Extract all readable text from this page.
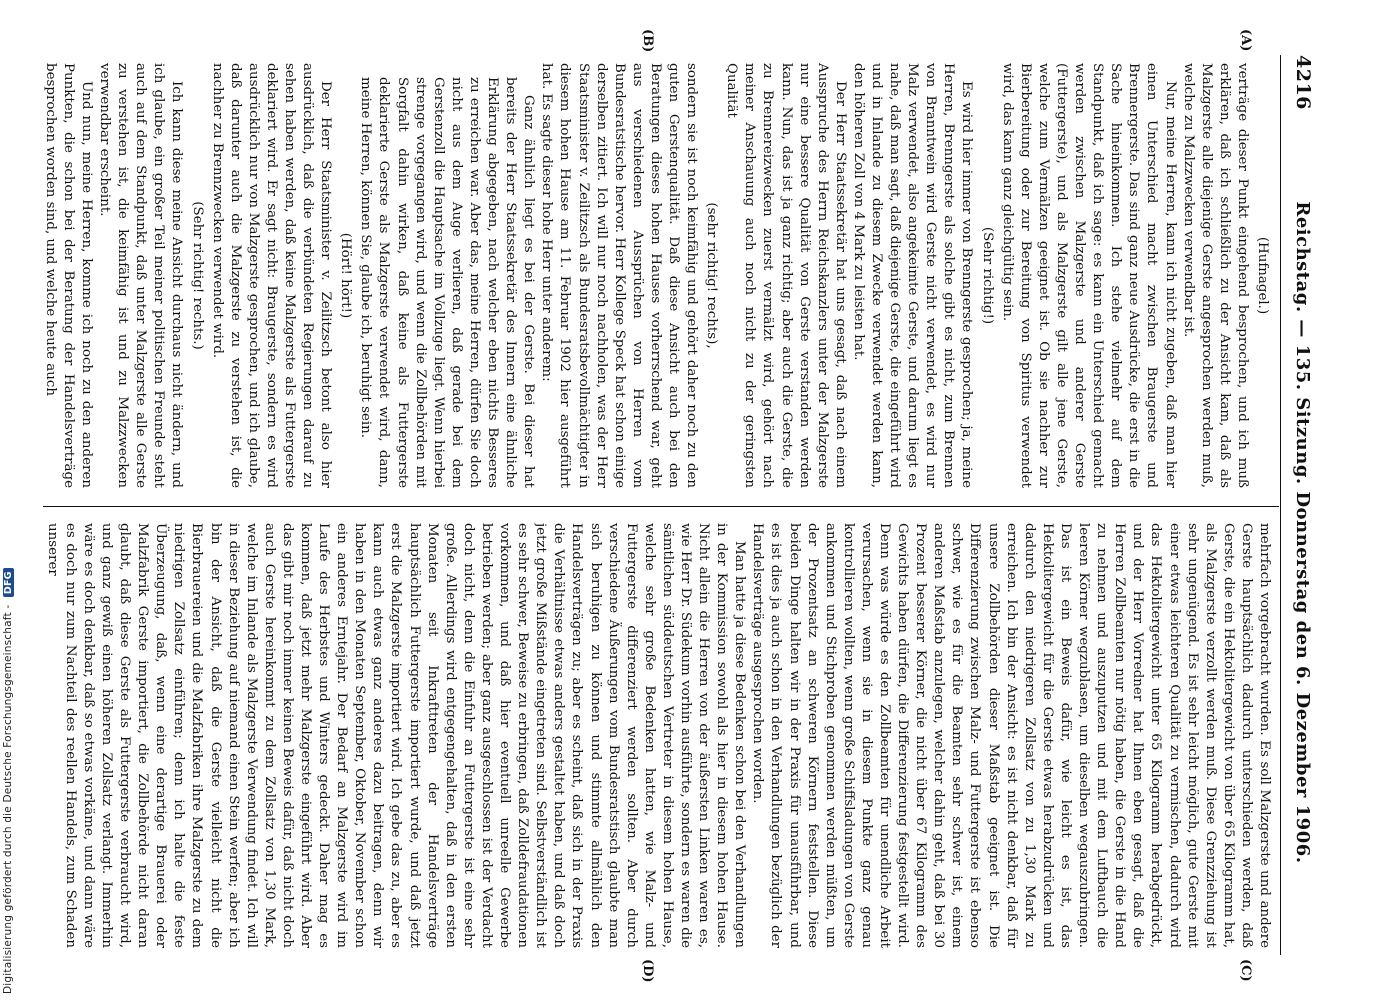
4216
Reichstag. — 135. Sitzung. Donnerstag den 6. Dezember 1906.
(A)
(B)
(C)
(D)

(Hufnagel.)

verträge dieser Punkt eingehend besprochen, und ich muß erklären, daß ich schließlich zu der Ansicht kam, daß als Malzgerste alle diejenige Gerste angesprochen werden muß, welche zu Malzzwecken verwendbar ist.

Nur, meine Herren, kann ich nicht zugeben, daß man hier einen Unterschied macht zwischen Braugerste und Brennergerste. Das sind ganz neue Ausdrücke, die erst in die Sache hineinkommen. Ich stehe vielmehr auf dem Standpunkt, daß ich sage: es kann ein Unterschied gemacht werden zwischen Malzgerste und anderer Gerste (Futtergerste), und als Malzgerste gilt alle jene Gerste, welche zum Vermälzen geeignet ist. Ob sie nachher zur Bierbereitung oder zur Bereitung von Spiritus verwendet wird, das kann ganz gleichgültig sein.

(Sehr richtig!)

Es wird hier immer von Brenngerste gesprochen; ja, meine Herren, Brenngerste als solche gibt es nicht, zum Brennen von Branntwein wird Gerste nicht verwendet, es wird nur Malz verwendet, also angekeimte Gerste, und darum liegt es nahe, daß man sagt, daß diejenige Gerste, die eingeführt wird und in Inlande zu diesem Zwecke verwendet werden kann, den höheren Zoll von 4 Mark zu leisten hat.

Der Herr Staatssekretär hat uns gesagt, daß nach einem Ausspruche des Herrn Reichskanzlers unter der Malzgerste nur eine bessere Qualität von Gerste verstanden werden kann. Nun, das ist ja ganz richtig; aber auch die Gerste, die zu Brennereizwecken zuerst vermälzt wird, gehört nach meiner Anschauung auch noch nicht zu der geringsten Qualität

(sehr richtig! rechts),

sondern sie ist noch keimfähig und gehört daher noch zu den guten Gerstenqualität. Daß diese Ansicht auch bei den Beratungen dieses hohen Hauses vorherrschend war, geht aus verschiedenen Aussprüchen von Herren vom Bundesratstische hervor. Herr Kollege Speck hat schon einige derselben zitiert. Ich will nur noch nachholen, was der Herr Staatsminister v. Zeilitzsch als Bundesratsbevollmächtigter in diesem hohen Hause am 11. Februar 1902 hier ausgeführt hat. Es sagte dieser hohe Herr unter anderem:

Ganz ähnlich liegt es bei der Gerste. Bei dieser hat bereits der Herr Staatssekretär des Innern eine ähnliche Erklärung abgegeben, nach welcher eben nichts Besseres zu erreichen war. Aber das, meine Herren, dürfen Sie doch nicht aus dem Auge verlieren, daß gerade bei dem Gerstenzoll die Hauptsache im Vollzuge liegt. Wenn hierbei strenge vorgegangen wird, und wenn die Zollbehörden mit Sorgfalt dahin wirken, daß keine als Futtergerste deklarierte Gerste als Malzgerste verwendet wird, dann, meine Herren, können Sie, glaube ich, beruhigt sein.

(Hört! hört!)

Der Herr Staatsminister v. Zeilitzsch betont also hier ausdrücklich, daß die verbündeten Regierungen darauf zu sehen haben werden, daß keine Malzgerste als Futtergerste deklariert wird. Er sagt nicht: Braugerste, sondern es wird ausdrücklich nur von Malzgerste gesprochen, und ich glaube, daß darunter auch die Malzgerste zu verstehen ist, die nachher zu Brennzwecken verwendet wird.

(Sehr richtig! rechts.)

Ich kann diese meine Ansicht durchaus nicht ändern, und ich glaube, ein großer Teil meiner politischen Freunde steht auch auf dem Standpunkt, daß unter Malzgerste alle Gerste zu verstehen ist, die keimfähig ist und zu Malzzwecken verwendbar erscheint.

Und nun, meine Herren, komme ich noch zu den anderen Punkten, die schon bei der Beratung der Handelsverträge besprochen worden sind, und welche heute auch

mehrfach vorgebracht wurden. Es soll Malzgerste und andere Gerste hauptsächlich dadurch unterschieden werden, daß Gerste, die ein Hektolitergewicht von über 65 Kilogramm hat, als Malzgerste verzollt werden muß. Diese Grenzziehung ist sehr ungenügend. Es ist sehr leicht möglich, gute Gerste mit einer etwas leichteren Qualität zu vermischen, dadurch wird das Hektolitergewicht unter 65 Kilogramm herabgedrückt, und der Herr Vorredner hat Ihnen eben gesagt, daß die Herren Zollbeamten nur nötig haben, die Gerste in die Hand zu nehmen und auszuputzen und mit dem Luftbauch die leeren Körner wegzublasen, um dieselben wegauszubringen. Das ist ein Beweis dafür, wie leicht es ist, das Hektolitergewicht für die Gerste etwas herabzudrücken und dadurch den niedrigeren Zollsatz von zu 1,30 Mark zu erreichen. Ich bin der Ansicht: es ist nicht denkbar, daß für unsere Zollbehörden dieser Maßstab geeignet ist. Die Differenzierung zwischen Malz- und Futtergerste ist ebenso schwer, wie es für die Beamten sehr schwer ist, einem anderen Maßstab anzulegen, welcher dahin geht, daß bei 30 Prozent besserer Körner, die nicht über 67 Kilogramm des Gewichts haben dürfen, die Differenzierung festgestellt wird. Denn was würde es den Zollbeamten für unendliche Arbeit verursachen, wenn sie in diesem Punkte ganz genau kontrollieren wollten, wenn große Schiffsladungen von Gerste ankommen und Stichproben genommen werden müßten, um der Prozentsatz an schweren Körnern feststellen. Diese beiden Dinge halten wir in der Praxis für unausführbar, und es ist dies ja auch schon in den Verhandlungen bezüglich der Handelsverträge ausgesprochen worden.

Man hatte ja diese Bedenken schon bei den Verhandlungen in der Kommission sowohl als hier in diesem hohen Hause. Nicht allein die Herren von der äußersten Linken waren es, wie Herr Dr. Südekum vorhin ausführte, sondern es waren die sämtlichen süddeutschen Vertreter in diesem hohen Hause, welche sehr große Bedenken hatten, wie Malz- und Futtergerste differenziert werden sollten. Aber durch verschiedene Äußerungen vom Bundesratstisch glaubte man sich beruhigen zu können und stimmte allmählich den Handelsverträgen zu; aber es scheint, daß sich in der Praxis die Verhältnisse etwas anders gestaltet haben, und daß doch jetzt große Mißstände eingetreten sind. Selbstverständlich ist es sehr schwer, Beweise zu erbringen, daß Zolldefraudationen vorkommen, und daß hier eventuell unreelle Gewerbe betrieben werden; aber ganz ausgeschlossen ist der Verdacht doch nicht, denn die Einfuhr an Futtergerste ist eine sehr große. Allerdings wird entgegengehalten, daß in den ersten Monaten seit Inkrafttreten der Handelsverträge hauptsächlich Futtergerste importiert wurde, und daß jetzt erst die Malzgerste importiert wird. Ich gebe das zu, aber es kann auch etwas ganz anderes dazu beitragen, denn wir haben in den Monaten September, Oktober, November schon ein anderes Erntejahr. Der Bedarf an Malzgerste wird im Laufe des Herbstes und Winters gedeckt. Daher mag es kommen, daß jetzt mehr Malzgerste eingeführt wird. Aber das gibt mir noch immer keinen Beweis dafür, daß nicht doch auch Gerste hereinkommt zu dem Zollsatz von 1,30 Mark, welche im Inlande als Malzgerste Verwendung findet. Ich will in dieser Beziehung auf niemand einen Stein werfen; aber ich bin der Ansicht, daß die Gerste vielleicht nicht die Bierbrauereien und die Malzfabriken ihre Malzgerste zu dem niedrigen Zollsatz einführen; denn ich halte die feste Überzeugung, daß, wenn eine derartige Brauerei oder Malzfabrik Gerste importiert, die Zollbehörde nicht daran glaubt, daß diese Gerste als Futtergerste verbraucht wird, und ganz gewiß einen höheren Zollsatz verlangt. Immerhin wäre es doch denkbar, daß so etwas vorkäme, und dann wäre es doch nur zum Nachteil des reellen Handels, zum Schaden unserer

Digitalisierung gefördert durch die Deutsche Forschungsgemeinschaft - DFG
